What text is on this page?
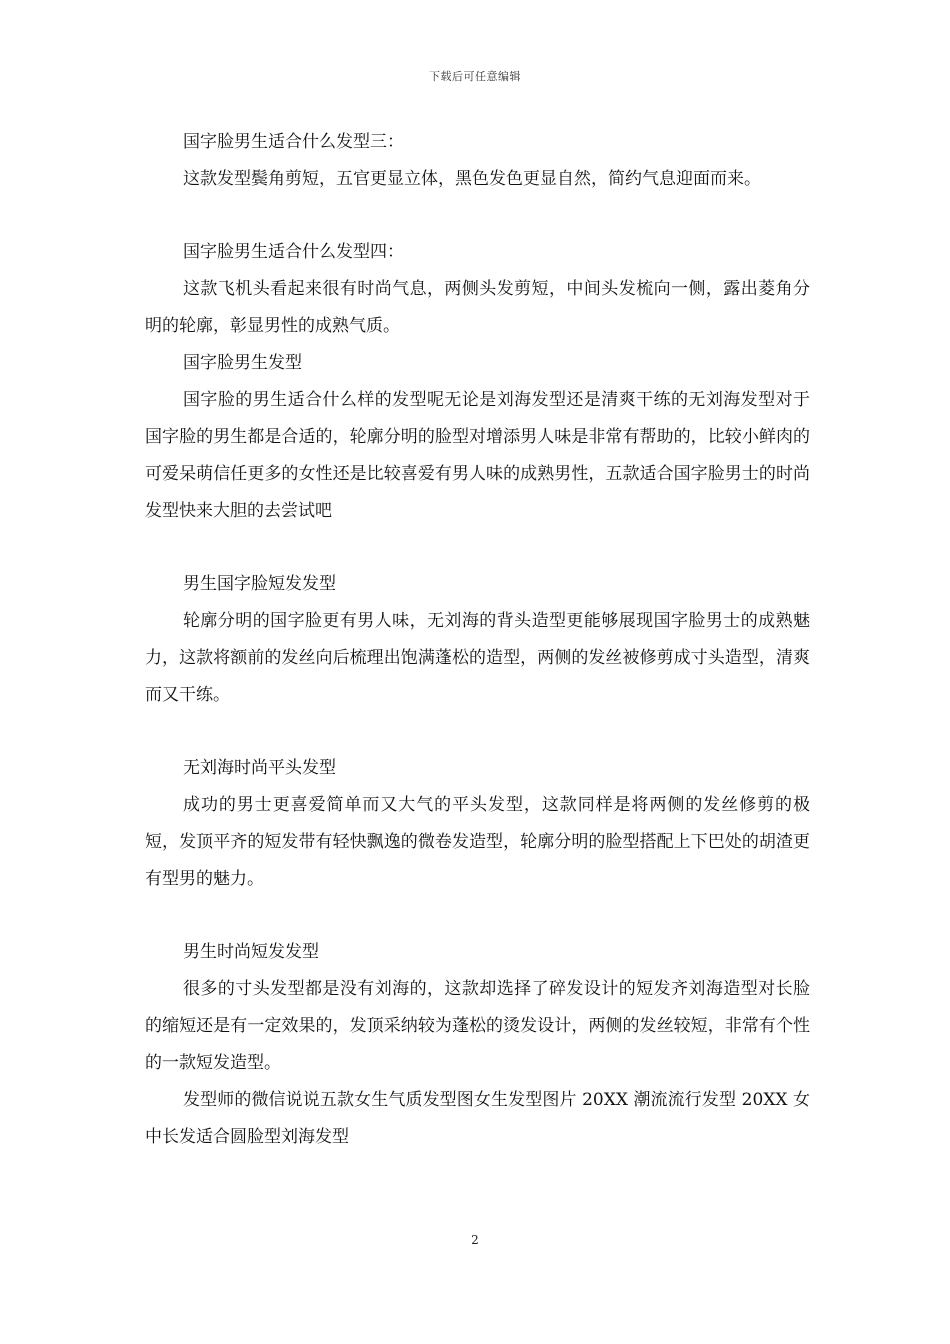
下载后可任意编辑

国字脸男生适合什么发型三：

这款发型鬓角剪短，五官更显立体，黑色发色更显自然，简约气息迎面而来。

国字脸男生适合什么发型四：

这款飞机头看起来很有时尚气息，两侧头发剪短，中间头发梳向一侧，露出菱角分明的轮廓，彰显男性的成熟气质。

国字脸男生发型

国字脸的男生适合什么样的发型呢无论是刘海发型还是清爽干练的无刘海发型对于国字脸的男生都是合适的，轮廓分明的脸型对增添男人味是非常有帮助的，比较小鲜肉的可爱呆萌信任更多的女性还是比较喜爱有男人味的成熟男性，五款适合国字脸男士的时尚发型快来大胆的去尝试吧

男生国字脸短发发型

轮廓分明的国字脸更有男人味，无刘海的背头造型更能够展现国字脸男士的成熟魅力，这款将额前的发丝向后梳理出饱满蓬松的造型，两侧的发丝被修剪成寸头造型，清爽而又干练。

无刘海时尚平头发型

成功的男士更喜爱简单而又大气的平头发型，这款同样是将两侧的发丝修剪的极短，发顶平齐的短发带有轻快飘逸的微卷发造型，轮廓分明的脸型搭配上下巴处的胡渣更有型男的魅力。

男生时尚短发发型

很多的寸头发型都是没有刘海的，这款却选择了碎发设计的短发齐刘海造型对长脸的缩短还是有一定效果的，发顶采纳较为蓬松的烫发设计，两侧的发丝较短，非常有个性的一款短发造型。

发型师的微信说说五款女生气质发型图女生发型图片 20XX 潮流流行发型 20XX 女中长发适合圆脸型刘海发型

2
